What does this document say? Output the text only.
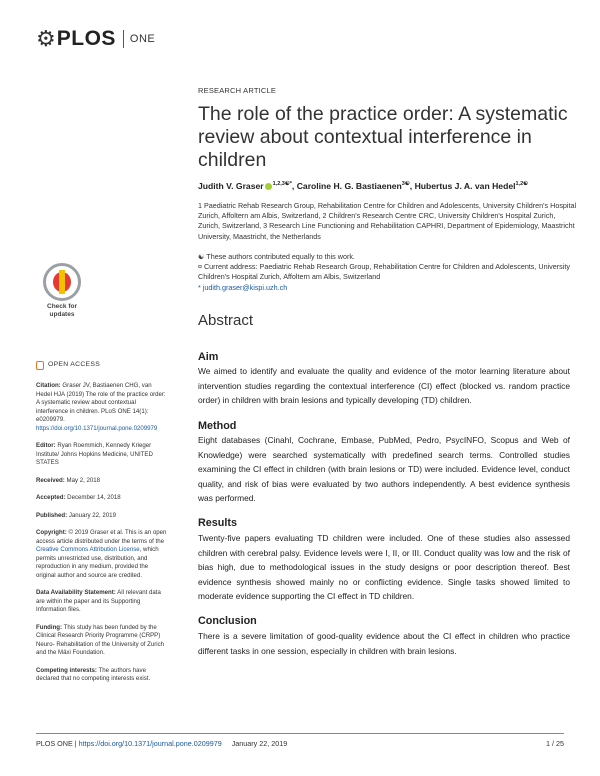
⚙ PLOS ONE
RESEARCH ARTICLE
The role of the practice order: A systematic review about contextual interference in children
Judith V. Graser $^{1,2,3☯*}$, Caroline H. G. Bastiaenen$^{3☯}$, Hubertus J. A. van Hedel$^{1,2☯}$
1 Paediatric Rehab Research Group, Rehabilitation Centre for Children and Adolescents, University Children's Hospital Zurich, Affoltern am Albis, Switzerland, 2 Children's Research Centre CRC, University Children's Hospital Zurich, Zurich, Switzerland, 3 Research Line Functioning and Rehabilitation CAPHRI, Department of Epidemiology, Maastricht University, Maastricht, the Netherlands
☯ These authors contributed equally to this work.
¤ Current address: Paediatric Rehab Research Group, Rehabilitation Centre for Children and Adolescents, University Children's Hospital Zurich, Affoltern am Albis, Switzerland
* judith.graser@kispi.uzh.ch
Check for
updates
OPEN ACCESS
Citation: Graser JV, Bastiaenen CHG, van Hedel HJA (2019) The role of the practice order: A systematic review about contextual interference in children. PLoS ONE 14(1): e0209979. https://doi.org/10.1371/journal.pone.0209979
Editor: Ryan Roemmich, Kennedy Krieger Institute/ Johns Hopkins Medicine, UNITED STATES
Received: May 2, 2018
Accepted: December 14, 2018
Published: January 22, 2019
Copyright: © 2019 Graser et al. This is an open access article distributed under the terms of the Creative Commons Attribution License, which permits unrestricted use, distribution, and reproduction in any medium, provided the original author and source are credited.
Data Availability Statement: All relevant data are within the paper and its Supporting Information files.
Funding: This study has been funded by the Clinical Research Priority Programme (CRPP) Neuro- Rehabilitation of the University of Zurich and the Mäxi Foundation.
Competing interests: The authors have declared that no competing interests exist.
Abstract
Aim
We aimed to identify and evaluate the quality and evidence of the motor learning literature about intervention studies regarding the contextual interference (CI) effect (blocked vs. random practice order) in children with brain lesions and typically developing (TD) children.
Method
Eight databases (Cinahl, Cochrane, Embase, PubMed, Pedro, PsycINFO, Scopus and Web of Knowledge) were searched systematically with predefined search terms. Controlled studies examining the CI effect in children (with brain lesions or TD) were included. Evidence level, conduct quality, and risk of bias were evaluated by two authors independently. A best evidence synthesis was performed.
Results
Twenty-five papers evaluating TD children were included. One of these studies also assessed children with cerebral palsy. Evidence levels were I, II, or III. Conduct quality was low and the risk of bias high, due to methodological issues in the study designs or poor description thereof. Best evidence synthesis showed mainly no or conflicting evidence. Single tasks showed limited to moderate evidence supporting the CI effect in TD children.
Conclusion
There is a severe limitation of good-quality evidence about the CI effect in children who practice different tasks in one session, especially in children with brain lesions.
PLOS ONE | https://doi.org/10.1371/journal.pone.0209979 January 22, 2019	1 / 25
